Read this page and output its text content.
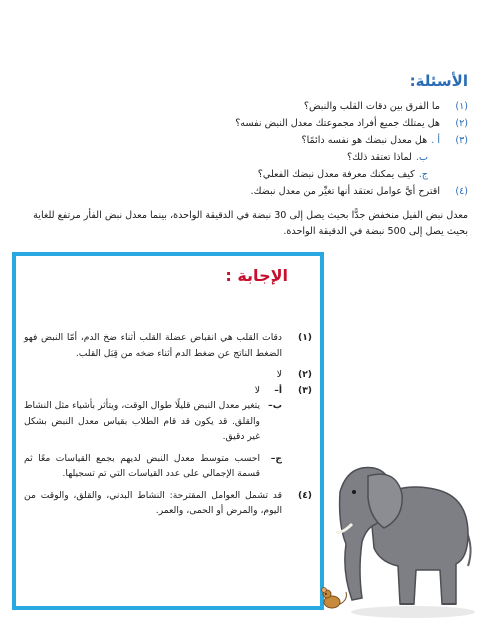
الأسئلة:
(١)
ما الفرق بين دقات القلب والنبض؟
(٢)
هل يمتلك جميع أفراد مجموعتك معدل النبض نفسه؟
(٣)
أ .
هل معدل نبضك هو نفسه دائمًا؟
ب.
لماذا تعتقد ذلك؟
ج.
كيف يمكنك معرفة معدل نبضك الفعلي؟
(٤)
اقترح أيَّ عوامل تعتقد أنها تغيِّر من معدل نبضك.

معدل نبض الفيل منخفض جدًّا بحيث يصل إلى 30 نبضة في الدقيقة الواحدة، بينما معدل نبض الفأر مرتفع للغاية بحيث يصل إلى 500 نبضة في الدقيقة الواحدة.

الإجابة :
(١)
دقات القلب هي انقباض عضلة القلب أثناء ضخ الدم، أمّا النبض فهو الضغط الناتج عن ضغط الدم أثناء ضخه من قِبَل القلب.
(٢)
لا
(٣)
أ–
لا
ب–
يتغير معدل النبض قليلًا طوال الوقت، ويتأثر بأشياء مثل النشاط والقلق. قد يكون قد قام الطلاب بقياس معدل النبض بشكل غير دقيق.
ج–
احسب متوسط معدل النبض لديهم بجمع القياسات معًا ثم قسمة الإجمالي على عدد القياسات التي تم تسجيلها.
(٤)
قد تشمل العوامل المقترحة: النشاط البدني، والقلق، والوقت من اليوم، والمرض أو الحمى، والعمر.
